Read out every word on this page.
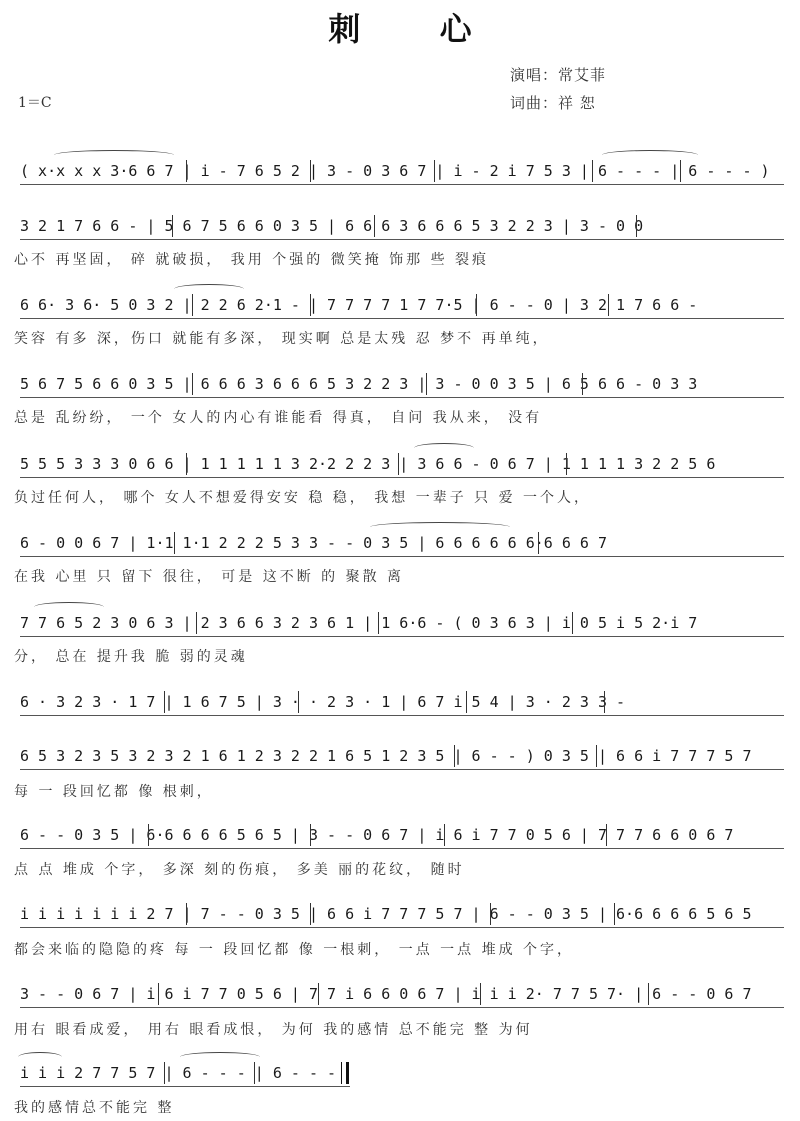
刺 心
演唱：常艾菲
词曲：祥 恕
1＝C
( x·x x x 3·6 6 7 | i - 7 6 5 2 | 3 - 0 3 6 7 | i - 2 i 7 5 3 | 6 - - - | 6 - - - )
3 2 1 7 6 6 - | 5 6 7 5 6 6 0 3 5 | 6 6 6 3 6 6 6 5 3 2 2 3 | 3 - 0 0
心不 再坚固， 碎 就破损， 我用 个强的 微笑掩 饰那 些 裂痕
6 6· 3 6· 5 0 3 2 | 2 2 6 2·1 - | 7 7 7 7 1 7 7·5 | 6 - - 0 | 3 2 1 7 6 6 -
笑容 有多 深，伤口 就能有多深， 现实啊 总是太残 忍 梦不 再单纯，
5 6 7 5 6 6 0 3 5 | 6 6 6 3 6 6 6 5 3 2 2 3 | 3 - 0 0 3 5 | 6 5 6 6 - 0 3 3
总是 乱纷纷， 一个 女人的内心有谁能看 得真， 自问 我从来， 没有
5 5 5 3 3 3 0 6 6 | 1 1 1 1 1 3 2·2 2 2 3 | 3 6 6 - 0 6 7 | 1 1 1 1 3 2 2 5 6
负过任何人， 哪个 女人不想爱得安安 稳 稳， 我想 一辈子 只 爱 一个人，
6 - 0 0 6 7 | 1·1 1·1 2 2 2 5 3 3 - - 0 3 5 | 6 6 6 6 6 6·6 6 6 7
在我 心里 只 留下 很往， 可是 这不断 的 聚散 离
7 7 6 5 2 3 0 6 3 | 2 3 6 6 3 2 3 6 1 | 1 6·6 - ( 0 3 6 3 | i 0 5 i 5 2·i 7
分， 总在 提升我 脆 弱的灵魂
6 · 3 2 3 · 1 7 | 1 6 7 5 | 3 · · 2 3 · 1 | 6 7 i 5 4 | 3 · 2 3 3 -
6 5 3 2 3 5 3 2 3 2 1 6 1 2 3 2 2 1 6 5 1 2 3 5 | 6 - - ) 0 3 5 | 6 6 i 7 7 7 5 7
每 一 段回忆都 像 根刺，
6 - - 0 3 5 | 6·6 6 6 6 5 6 5 | 3 - - 0 6 7 | i 6 i 7 7 0 5 6 | 7 7 7 6 6 0 6 7
点 点 堆成 个字， 多深 刻的伤痕， 多美 丽的花纹， 随时
i i i i i i i 2 7 | 7 - - 0 3 5 | 6 6 i 7 7 7 5 7 | 6 - - 0 3 5 | 6·6 6 6 6 5 6 5
都会来临的隐隐的疼 每 一 段回忆都 像 一根刺， 一点 一点 堆成 个字，
3 - - 0 6 7 | i 6 i 7 7 0 5 6 | 7 7 i 6 6 0 6 7 | i i i 2· 7 7 5 7· | 6 - - 0 6 7
用右 眼看成爱， 用右 眼看成恨， 为何 我的感情 总不能完 整 为何
i i i 2 7 7 5 7 | 6 - - - | 6 - - -
我的感情总不能完 整
